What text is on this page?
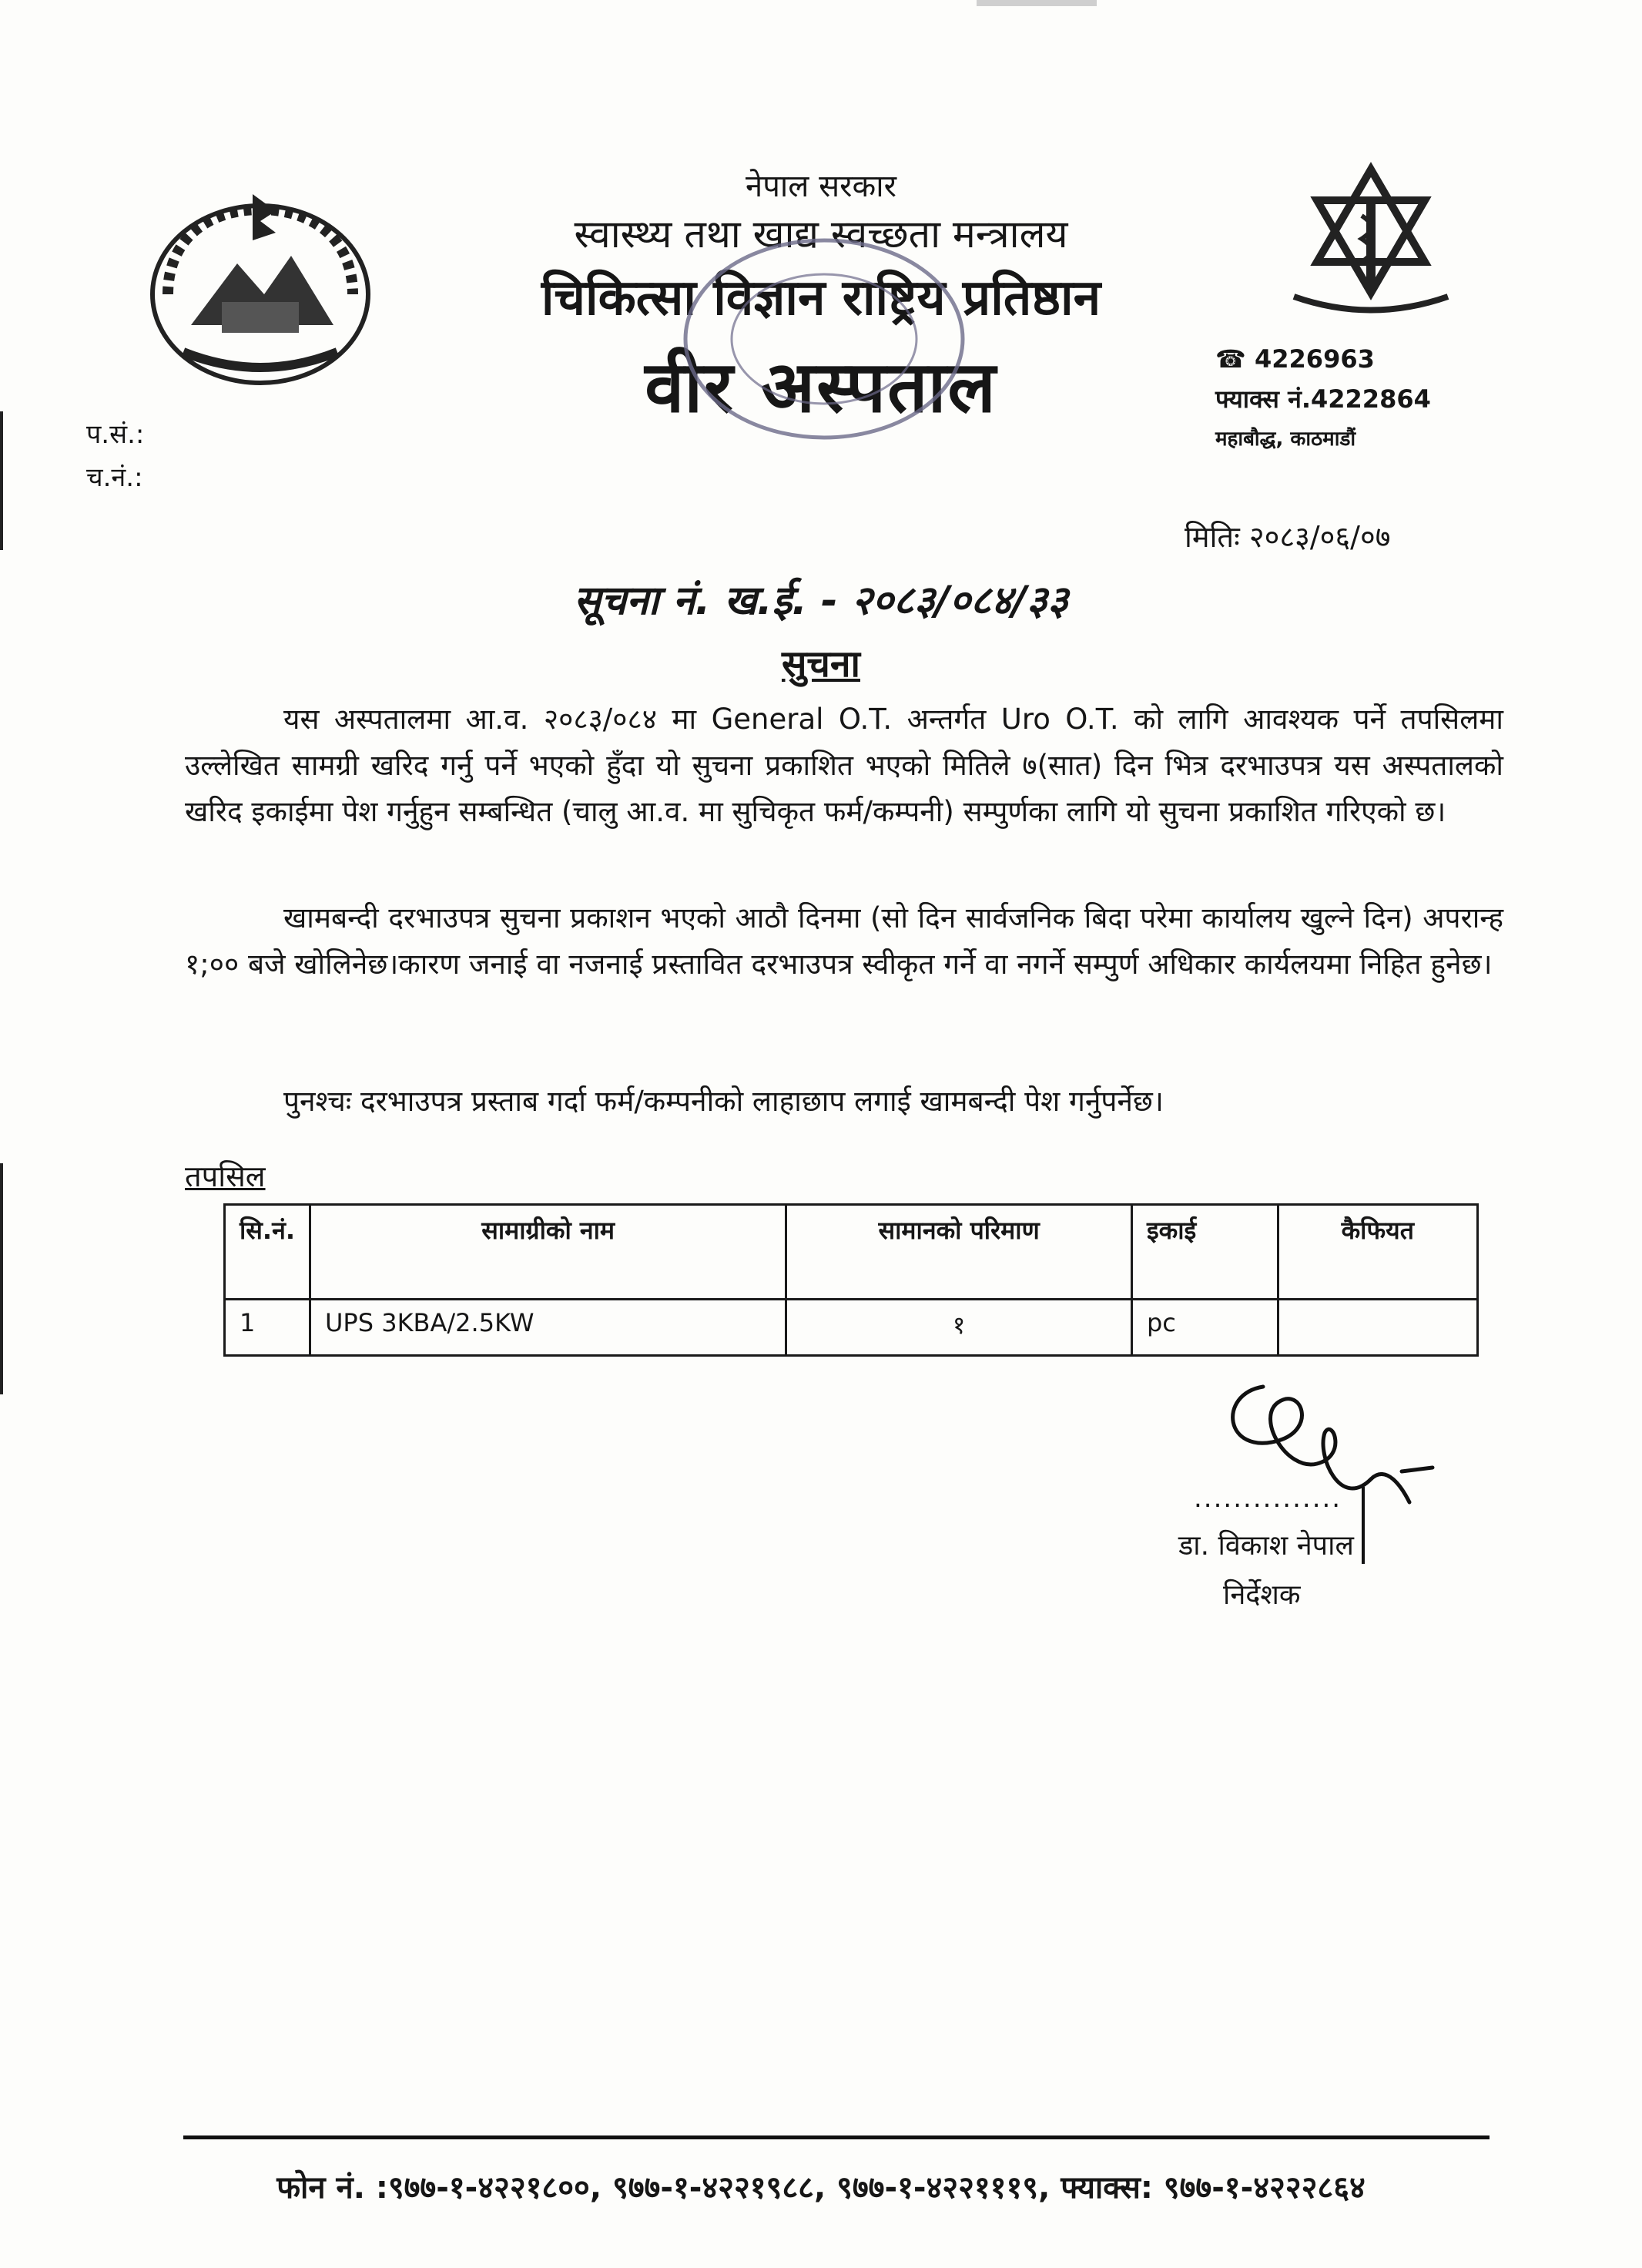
नेपाल सरकार
स्वास्थ्य तथा खाद्य स्वच्छता मन्त्रालय
चिकित्सा विज्ञान राष्ट्रिय प्रतिष्ठान
वीर अस्पताल	☎ 4226963
फ्याक्स नं.4222864
महाबौद्ध, काठमाडौं
प.सं.:
च.नं.:
मितिः २०८३/०६/०७
सूचना नं. ख.ई. - २०८३/०८४/३३
सुचना
यस अस्पतालमा आ.व. २०८३/०८४ मा General O.T. अन्तर्गत Uro O.T. को लागि आवश्यक पर्ने तपसिलमा उल्लेखित सामग्री खरिद गर्नु पर्ने भएको हुँदा यो सुचना प्रकाशित भएको मितिले ७(सात) दिन भित्र दरभाउपत्र यस अस्पतालको खरिद इकाईमा पेश गर्नुहुन सम्बन्धित (चालु आ.व. मा सुचिकृत फर्म/कम्पनी) सम्पुर्णका लागि यो सुचना प्रकाशित गरिएको छ।
खामबन्दी दरभाउपत्र सुचना प्रकाशन भएको आठौ दिनमा (सो दिन सार्वजनिक बिदा परेमा कार्यालय खुल्ने दिन) अपरान्ह १;०० बजे खोलिनेछ।कारण जनाई वा नजनाई प्रस्तावित दरभाउपत्र स्वीकृत गर्ने वा नगर्ने सम्पुर्ण अधिकार कार्यलयमा निहित हुनेछ।
पुनश्चः दरभाउपत्र प्रस्ताब गर्दा फर्म/कम्पनीको लाहाछाप लगाई खामबन्दी पेश गर्नुपर्नेछ।
तपसिल
सि.नं.	सामाग्रीको नाम	सामानको परिमाण	इकाई	कैफियत
1	UPS 3KBA/2.5KW	१	pc	
...............
डा. विकाश नेपाल
निर्देशक
फोन नं. :९७७-१-४२२१८००, ९७७-१-४२२१९८८, ९७७-१-४२२१११९, फ्याक्स: ९७७-१-४२२२८६४
